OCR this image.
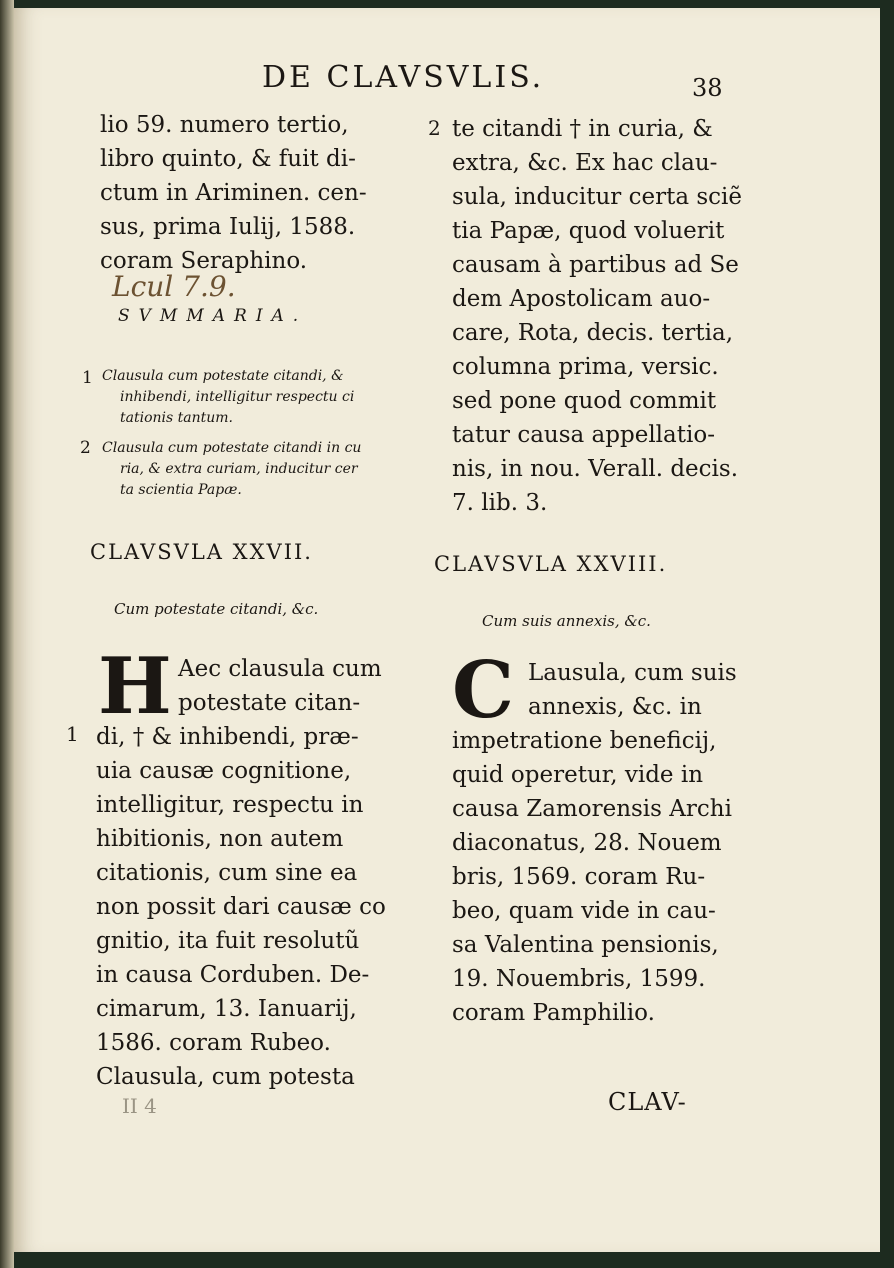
DE CLAVSVLIS.	38
lio 59. numero tertio,
libro quinto, & fuit di-
ctum in Ariminen. cen-
sus, prima Iulij, 1588.
coram Seraphino.
Lcul 7.9.
SVMMARIA.
1 Clausula cum potestate citandi, &
inhibendi, intelligitur respectu ci
tationis tantum.
2 Clausula cum potestate citandi in cu
ria, & extra curiam, inducitur cer
ta scientia Papæ.
CLAVSVLA XXVII.
Cum potestate citandi, &c.
H
1
Aec clausula cum
potestate citan-
di, † & inhibendi, præ-
uia causæ cognitione,
intelligitur, respectu in
hibitionis, non autem
citationis, cum sine ea
non possit dari causæ co
gnitio, ita fuit resolutũ
in causa Corduben. De-
cimarum, 13. Ianuarij,
1586. coram Rubeo.
Clausula, cum potesta
II 4
2 te citandi † in curia, &
extra, &c. Ex hac clau-
sula, inducitur certa sciẽ
tia Papæ, quod voluerit
causam à partibus ad Se
dem Apostolicam auo-
care, Rota, decis. tertia,
columna prima, versic.
sed pone quod commit
tatur causa appellatio-
nis, in nou. Verall. decis.
7. lib. 3.
CLAVSVLA XXVIII.
Cum suis annexis, &c.
C Lausula, cum suis
annexis, &c. in
impetratione beneficij,
quid operetur, vide in
causa Zamorensis Archi
diaconatus, 28. Nouem
bris, 1569. coram Ru-
beo, quam vide in cau-
sa Valentina pensionis,
19. Nouembris, 1599.
coram Pamphilio.
CLAV-
